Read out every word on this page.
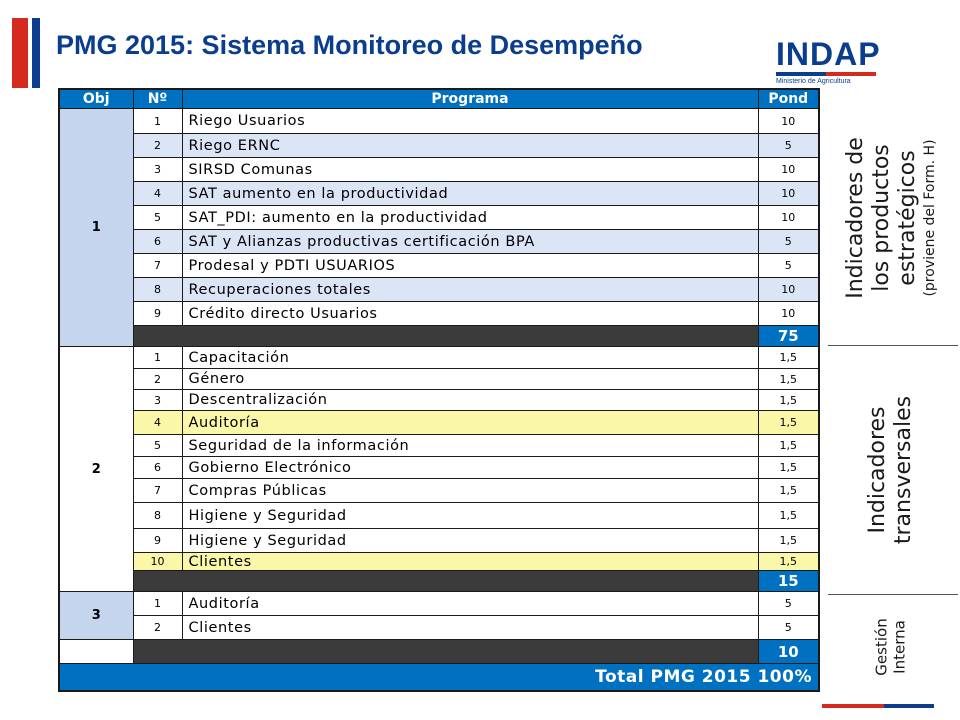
PMG 2015: Sistema Monitoreo de Desempeño	INDAP
Ministerio de Agricultura
Obj	Nº	Programa	Pond
1	1	Riego Usuarios	10
	2	Riego ERNC	5
	3	SIRSD Comunas	10
	4	SAT aumento en la productividad	10
	5	SAT_PDI: aumento en la productividad	10
	6	SAT y Alianzas productivas certificación BPA	5
	7	Prodesal y PDTI USUARIOS	5
	8	Recuperaciones totales	10
	9	Crédito directo Usuarios	10
			75
2	1	Capacitación	1,5
	2	Género	1,5
	3	Descentralización	1,5
	4	Auditoría	1,5
	5	Seguridad de la información	1,5
	6	Gobierno Electrónico	1,5
	7	Compras Públicas	1,5
	8	Higiene y Seguridad	1,5
	9	Higiene y Seguridad	1,5
	10	Clientes	1,5
			15
3	1	Auditoría	5
	2	Clientes	5
			10
Total PMG 2015 100%			
Indicadores de los productos estratégicos (proviene del Form. H)
Indicadores transversales
Gestión Interna
